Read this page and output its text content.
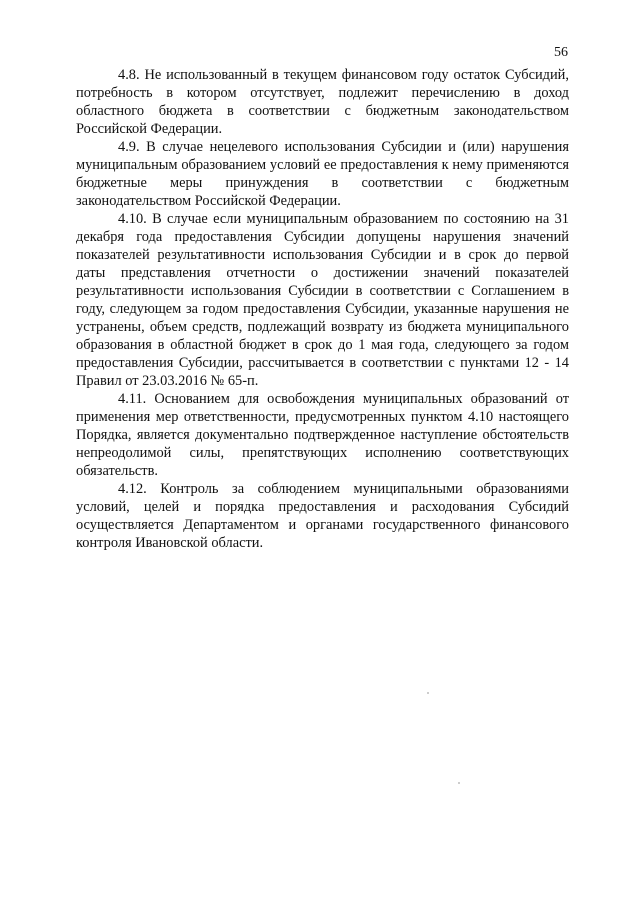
56

4.8. Не использованный в текущем финансовом году остаток Субсидий, потребность в котором отсутствует, подлежит перечислению в доход областного бюджета в соответствии с бюджетным законодательством Российской Федерации.

4.9. В случае нецелевого использования Субсидии и (или) нарушения муниципальным образованием условий ее предоставления к нему применяются бюджетные меры принуждения в соответствии с бюджетным законодательством Российской Федерации.

4.10. В случае если муниципальным образованием по состоянию на 31 декабря года предоставления Субсидии допущены нарушения значений показателей результативности использования Субсидии и в срок до первой даты представления отчетности о достижении значений показателей результативности использования Субсидии в соответствии с Соглашением в году, следующем за годом предоставления Субсидии, указанные нарушения не устранены, объем средств, подлежащий возврату из бюджета муниципального образования в областной бюджет в срок до 1 мая года, следующего за годом предоставления Субсидии, рассчитывается в соответствии с пунктами 12 - 14 Правил от 23.03.2016 № 65-п.

4.11. Основанием для освобождения муниципальных образований от применения мер ответственности, предусмотренных пунктом 4.10 настоящего Порядка, является документально подтвержденное наступление обстоятельств непреодолимой силы, препятствующих исполнению соответствующих обязательств.

4.12. Контроль за соблюдением муниципальными образованиями условий, целей и порядка предоставления и расходования Субсидий осуществляется Департаментом и органами государственного финансового контроля Ивановской области.
